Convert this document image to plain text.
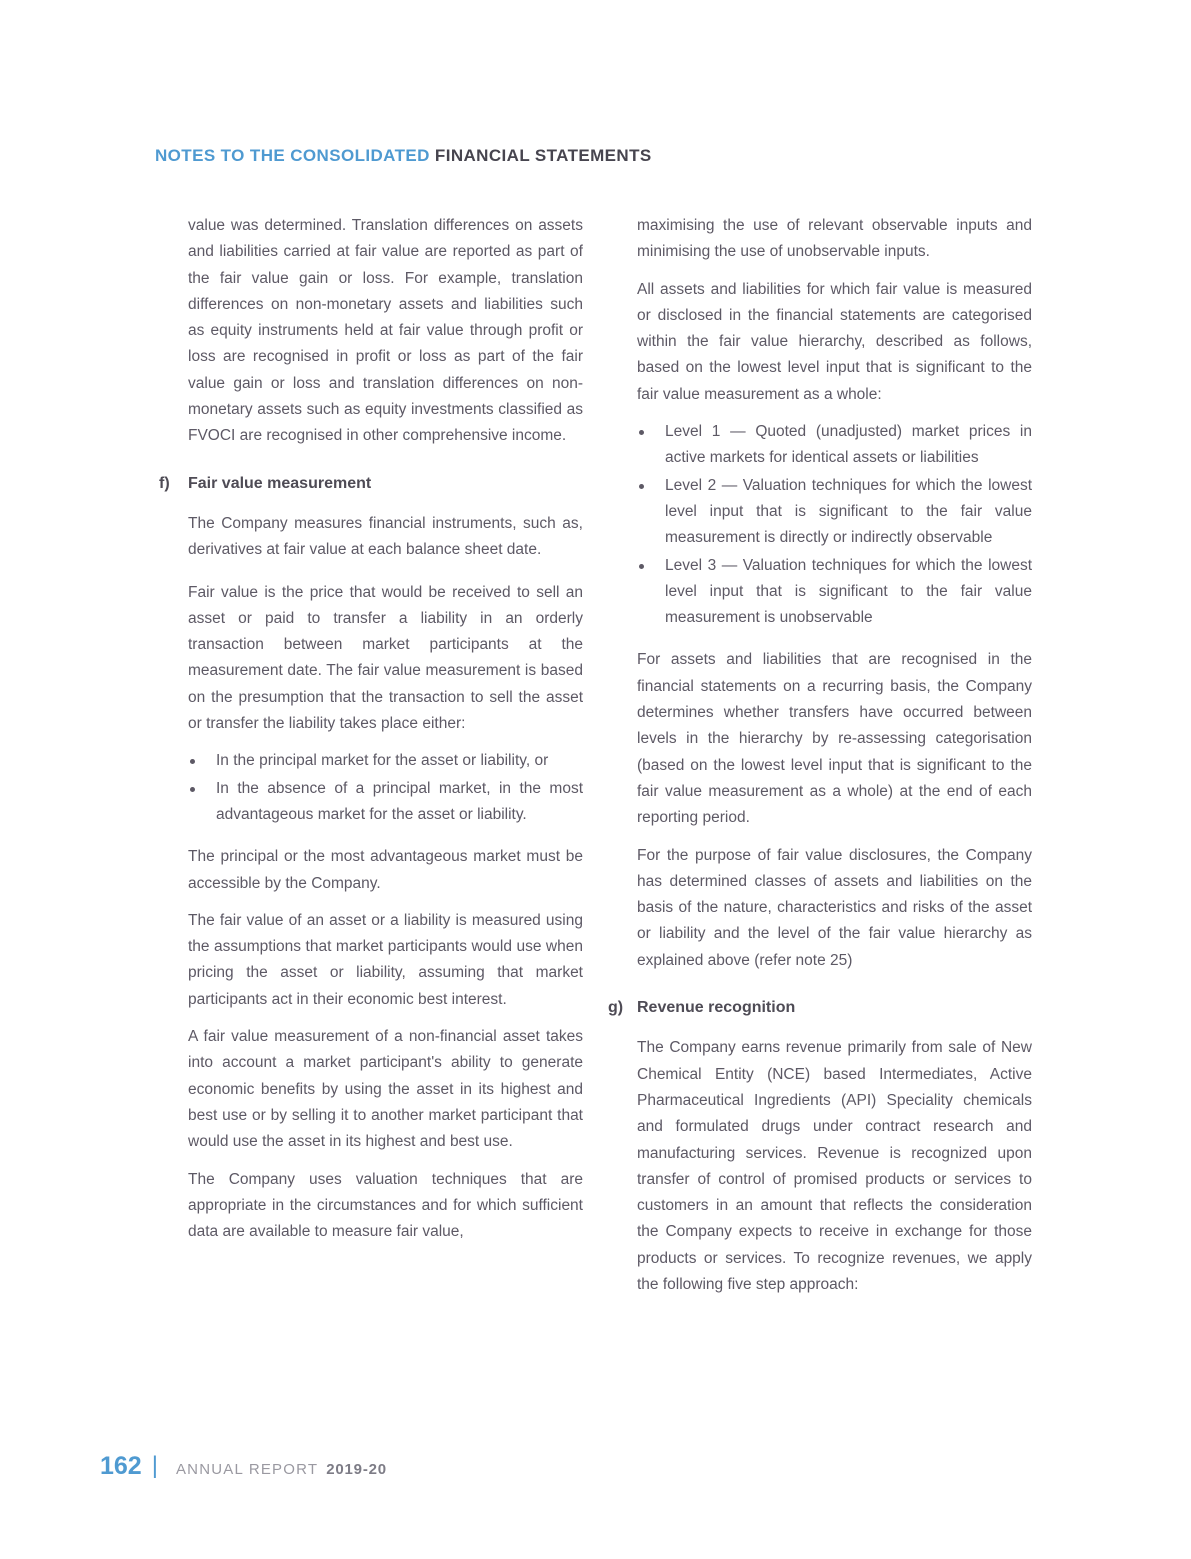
NOTES TO THE CONSOLIDATED FINANCIAL STATEMENTS

value was determined. Translation differences on assets and liabilities carried at fair value are reported as part of the fair value gain or loss. For example, translation differences on non-monetary assets and liabilities such as equity instruments held at fair value through profit or loss are recognised in profit or loss as part of the fair value gain or loss and translation differences on non-monetary assets such as equity investments classified as FVOCI are recognised in other comprehensive income.

f)	Fair value measurement

The Company measures financial instruments, such as, derivatives at fair value at each balance sheet date.

Fair value is the price that would be received to sell an asset or paid to transfer a liability in an orderly transaction between market participants at the measurement date. The fair value measurement is based on the presumption that the transaction to sell the asset or transfer the liability takes place either:

In the principal market for the asset or liability, or
In the absence of a principal market, in the most advantageous market for the asset or liability.

The principal or the most advantageous market must be accessible by the Company.

The fair value of an asset or a liability is measured using the assumptions that market participants would use when pricing the asset or liability, assuming that market participants act in their economic best interest.

A fair value measurement of a non-financial asset takes into account a market participant's ability to generate economic benefits by using the asset in its highest and best use or by selling it to another market participant that would use the asset in its highest and best use.

The Company uses valuation techniques that are appropriate in the circumstances and for which sufficient data are available to measure fair value,

maximising the use of relevant observable inputs and minimising the use of unobservable inputs.

All assets and liabilities for which fair value is measured or disclosed in the financial statements are categorised within the fair value hierarchy, described as follows, based on the lowest level input that is significant to the fair value measurement as a whole:

Level 1 — Quoted (unadjusted) market prices in active markets for identical assets or liabilities
Level 2 — Valuation techniques for which the lowest level input that is significant to the fair value measurement is directly or indirectly observable
Level 3 — Valuation techniques for which the lowest level input that is significant to the fair value measurement is unobservable

For assets and liabilities that are recognised in the financial statements on a recurring basis, the Company determines whether transfers have occurred between levels in the hierarchy by re-assessing categorisation (based on the lowest level input that is significant to the fair value measurement as a whole) at the end of each reporting period.

For the purpose of fair value disclosures, the Company has determined classes of assets and liabilities on the basis of the nature, characteristics and risks of the asset or liability and the level of the fair value hierarchy as explained above (refer note 25)

g) Revenue recognition

The Company earns revenue primarily from sale of New Chemical Entity (NCE) based Intermediates, Active Pharmaceutical Ingredients (API) Speciality chemicals and formulated drugs under contract research and manufacturing services. Revenue is recognized upon transfer of control of promised products or services to customers in an amount that reflects the consideration the Company expects to receive in exchange for those products or services. To recognize revenues, we apply the following five step approach:

162 | ANNUAL REPORT 2019-20
